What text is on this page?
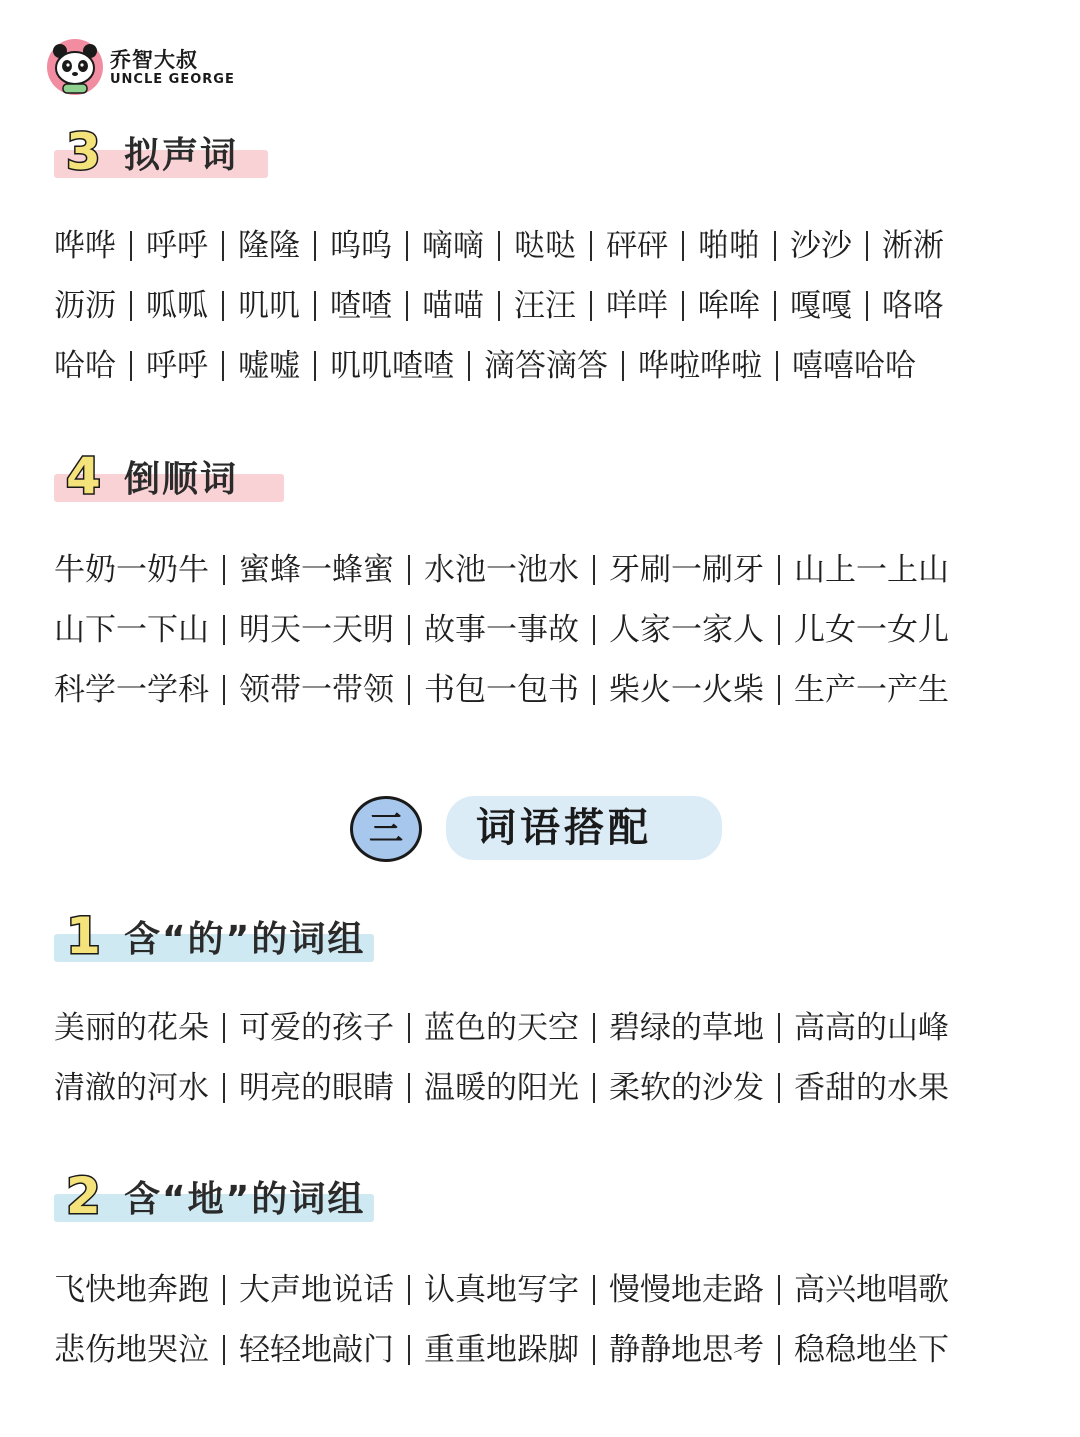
乔智大叔
UNCLE GEORGE
3 拟声词
哗哗 呼呼 隆隆 呜呜 嘀嘀 哒哒 砰砰 啪啪 沙沙 淅淅
沥沥 呱呱 叽叽 喳喳 喵喵 汪汪 咩咩 哞哞 嘎嘎 咯咯
哈哈 呼呼 嘘嘘 叽叽喳喳 滴答滴答 哗啦哗啦 嘻嘻哈哈
4 倒顺词
牛奶一奶牛 蜜蜂一蜂蜜 水池一池水 牙刷一刷牙 山上一上山
山下一下山 明天一天明 故事一事故 人家一家人 儿女一女儿
科学一学科 领带一带领 书包一包书 柴火一火柴 生产一产生
三	词语搭配
1 含“的”的词组
美丽的花朵 可爱的孩子 蓝色的天空 碧绿的草地 高高的山峰
清澈的河水 明亮的眼睛 温暖的阳光 柔软的沙发 香甜的水果
2 含“地”的词组
飞快地奔跑 大声地说话 认真地写字 慢慢地走路 高兴地唱歌
悲伤地哭泣 轻轻地敲门 重重地跺脚 静静地思考 稳稳地坐下
